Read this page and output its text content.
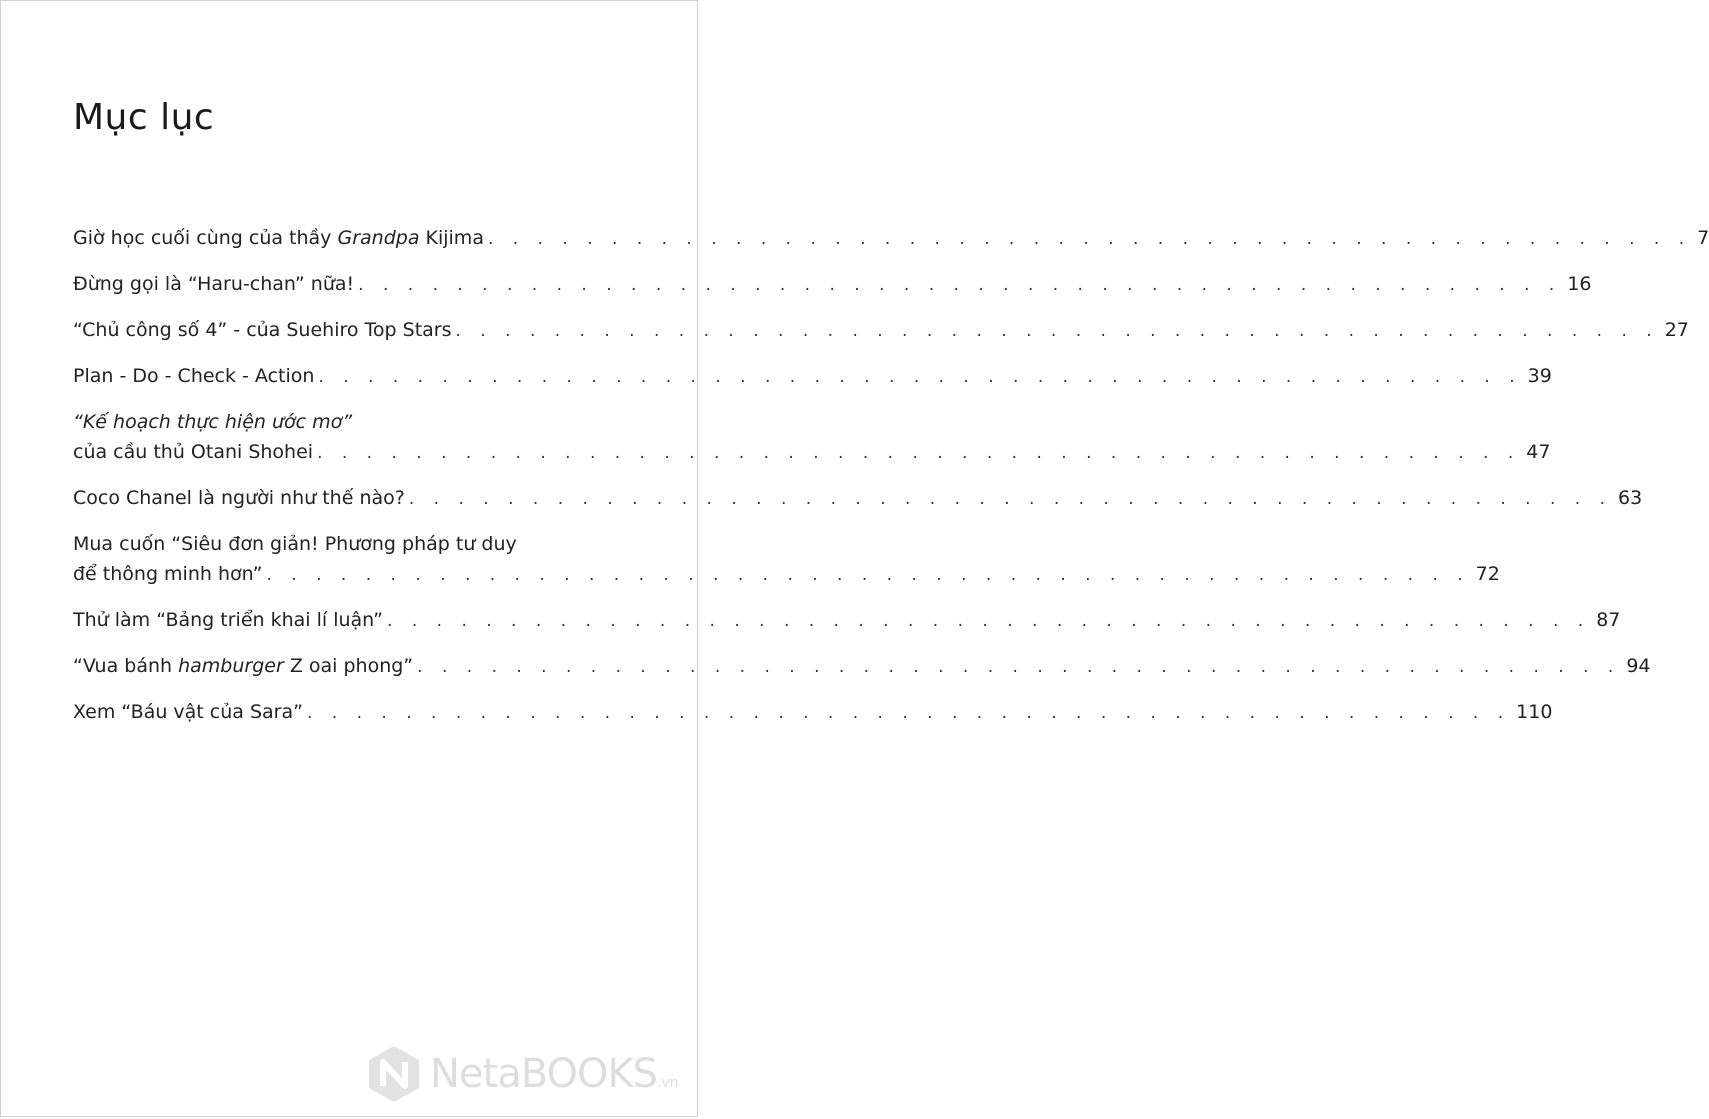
Mục lục
Giờ học cuối cùng của thầy Grandpa Kijima . . . . . . . . . . . . . . . . . . . . . . . . . . . . . . . . . . . . . . . . . . . . . . . . . 7
Đừng gọi là “Haru-chan” nữa! . . . . . . . . . . . . . . . . . . . . . . . . . . . . . . . . . . . . . . . . . . . . . . . . . 16
“Chủ công số 4” - của Suehiro Top Stars . . . . . . . . . . . . . . . . . . . . . . . . . . . . . . . . . . . . . . . . . . . . . . . . . 27
Plan - Do - Check - Action . . . . . . . . . . . . . . . . . . . . . . . . . . . . . . . . . . . . . . . . . . . . . . . . . 39
“Kế hoạch thực hiện ước mơ”
của cầu thủ Otani Shohei . . . . . . . . . . . . . . . . . . . . . . . . . . . . . . . . . . . . . . . . . . . . . . . . . 47
Coco Chanel là người như thế nào? . . . . . . . . . . . . . . . . . . . . . . . . . . . . . . . . . . . . . . . . . . . . . . . . . 63
Mua cuốn “Siêu đơn giản! Phương pháp tư duy
để thông minh hơn” . . . . . . . . . . . . . . . . . . . . . . . . . . . . . . . . . . . . . . . . . . . . . . . . . 72
Thử làm “Bảng triển khai lí luận” . . . . . . . . . . . . . . . . . . . . . . . . . . . . . . . . . . . . . . . . . . . . . . . . . 87
“Vua bánh hamburger Z oai phong” . . . . . . . . . . . . . . . . . . . . . . . . . . . . . . . . . . . . . . . . . . . . . . . . . 94
Xem “Báu vật của Sara” . . . . . . . . . . . . . . . . . . . . . . . . . . . . . . . . . . . . . . . . . . . . . . . . . 110
NetaBOOKS.vn
